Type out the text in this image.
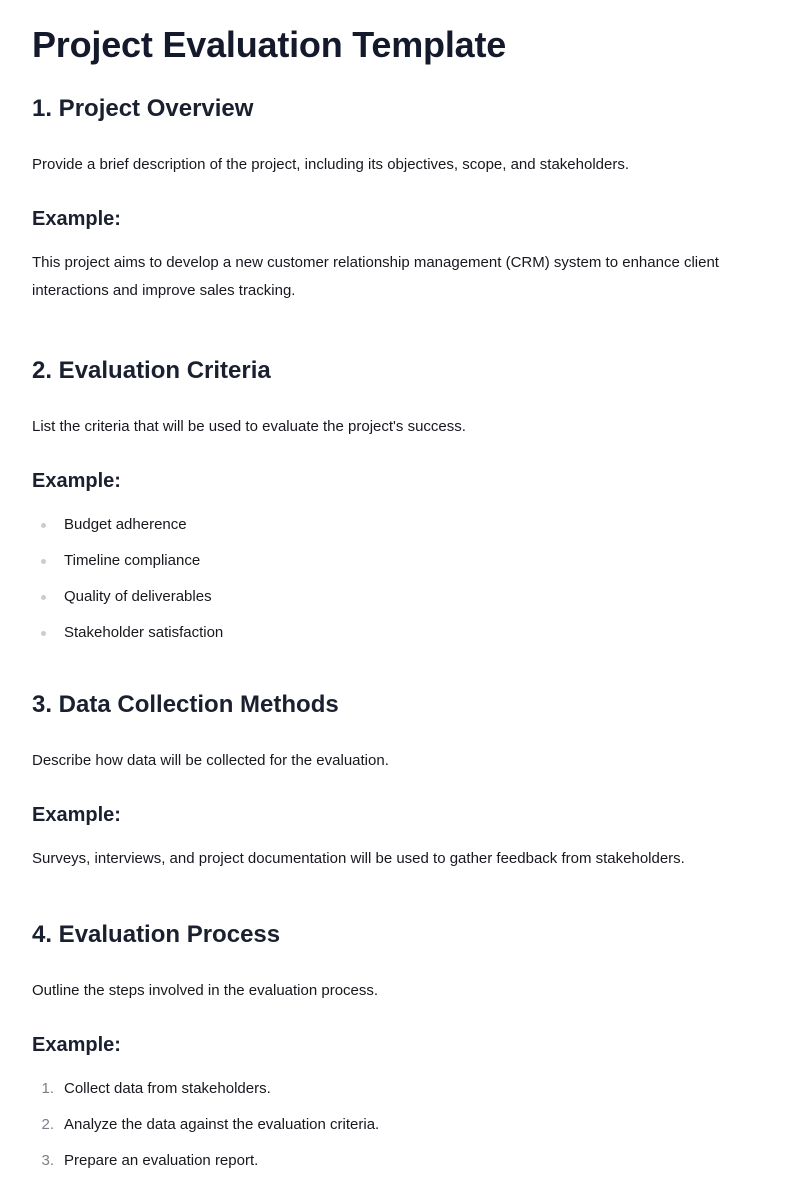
Project Evaluation Template
1. Project Overview

Provide a brief description of the project, including its objectives, scope, and stakeholders.

Example:

This project aims to develop a new customer relationship management (CRM) system to enhance client interactions and improve sales tracking.

2. Evaluation Criteria

List the criteria that will be used to evaluate the project's success.

Example:
Budget adherence
Timeline compliance
Quality of deliverables
Stakeholder satisfaction
3. Data Collection Methods

Describe how data will be collected for the evaluation.

Example:

Surveys, interviews, and project documentation will be used to gather feedback from stakeholders.

4. Evaluation Process

Outline the steps involved in the evaluation process.

Example:
1. Collect data from stakeholders.
2. Analyze the data against the evaluation criteria.
3. Prepare an evaluation report.
